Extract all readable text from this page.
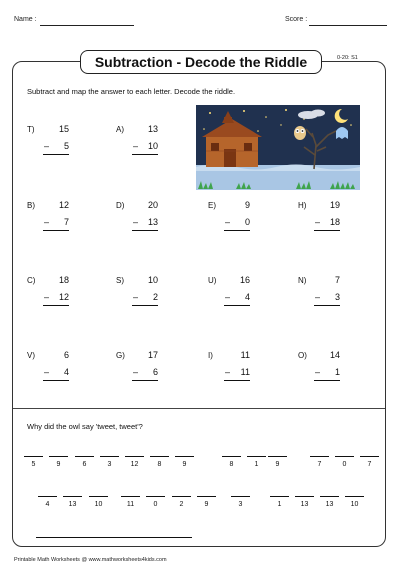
Name :	Score :
Subtraction - Decode the Riddle	0-20: S1
Subtract and map the answer to each letter. Decode the riddle.
T)	15
–	5
A)	13
–	10
B)	12
–	7
D)	20
–	13
E)	9
–	0
H)	19
–	18
C)	18
–	12
S)	10
–	2
U)	16
–	4
N)	7
–	3
V)	6
–	4
G)	17
–	6
I)	11
–	11
O)	14
–	1
Why did the owl say 'tweet, tweet'?
5	9	6	3	12	8	9	8	1	9	7	0	7
4	13	10	11	0	2	9	3	1	13	13	10
Printable Math Worksheets @ www.mathworksheets4kids.com
